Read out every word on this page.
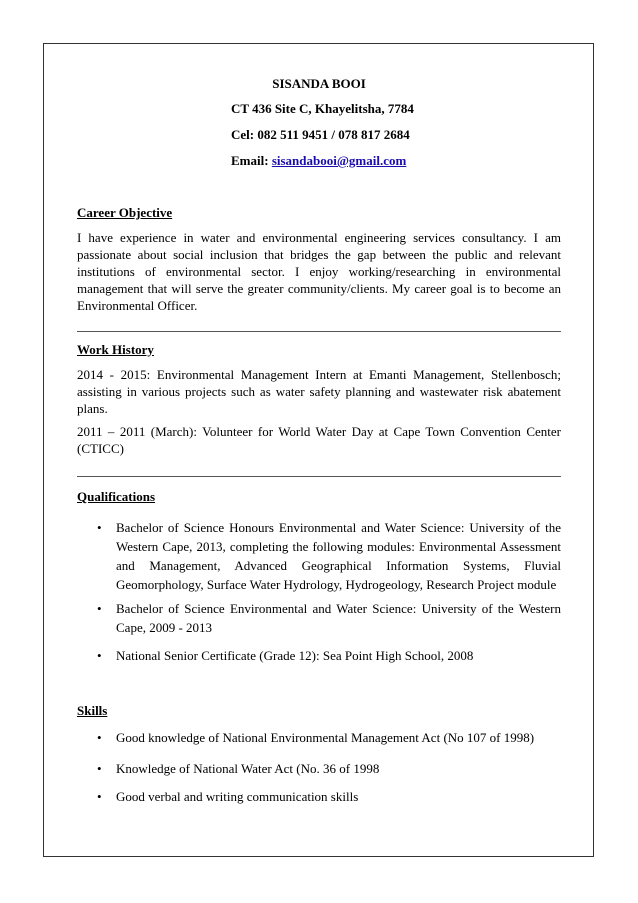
SISANDA BOOI
CT 436 Site C, Khayelitsha, 7784
Cel: 082 511 9451 / 078 817 2684
Email: sisandabooi@gmail.com
Career Objective
I have experience in water and environmental engineering services consultancy. I am passionate about social inclusion that bridges the gap between the public and relevant institutions of environmental sector. I enjoy working/researching in environmental management that will serve the greater community/clients. My career goal is to become an Environmental Officer.
Work History
2014 - 2015: Environmental Management Intern at Emanti Management, Stellenbosch; assisting in various projects such as water safety planning and wastewater risk abatement plans.
2011 – 2011 (March): Volunteer for World Water Day at Cape Town Convention Center (CTICC)
Qualifications
•	Bachelor of Science Honours Environmental and Water Science: University of the Western Cape, 2013, completing the following modules: Environmental Assessment and Management, Advanced Geographical Information Systems, Fluvial Geomorphology, Surface Water Hydrology, Hydrogeology, Research Project module
•	Bachelor of Science Environmental and Water Science: University of the Western Cape, 2009 - 2013
•	National Senior Certificate (Grade 12): Sea Point High School, 2008
Skills
•	Good knowledge of National Environmental Management Act (No 107 of 1998)
•	Knowledge of National Water Act (No. 36 of 1998
•	Good verbal and writing communication skills
